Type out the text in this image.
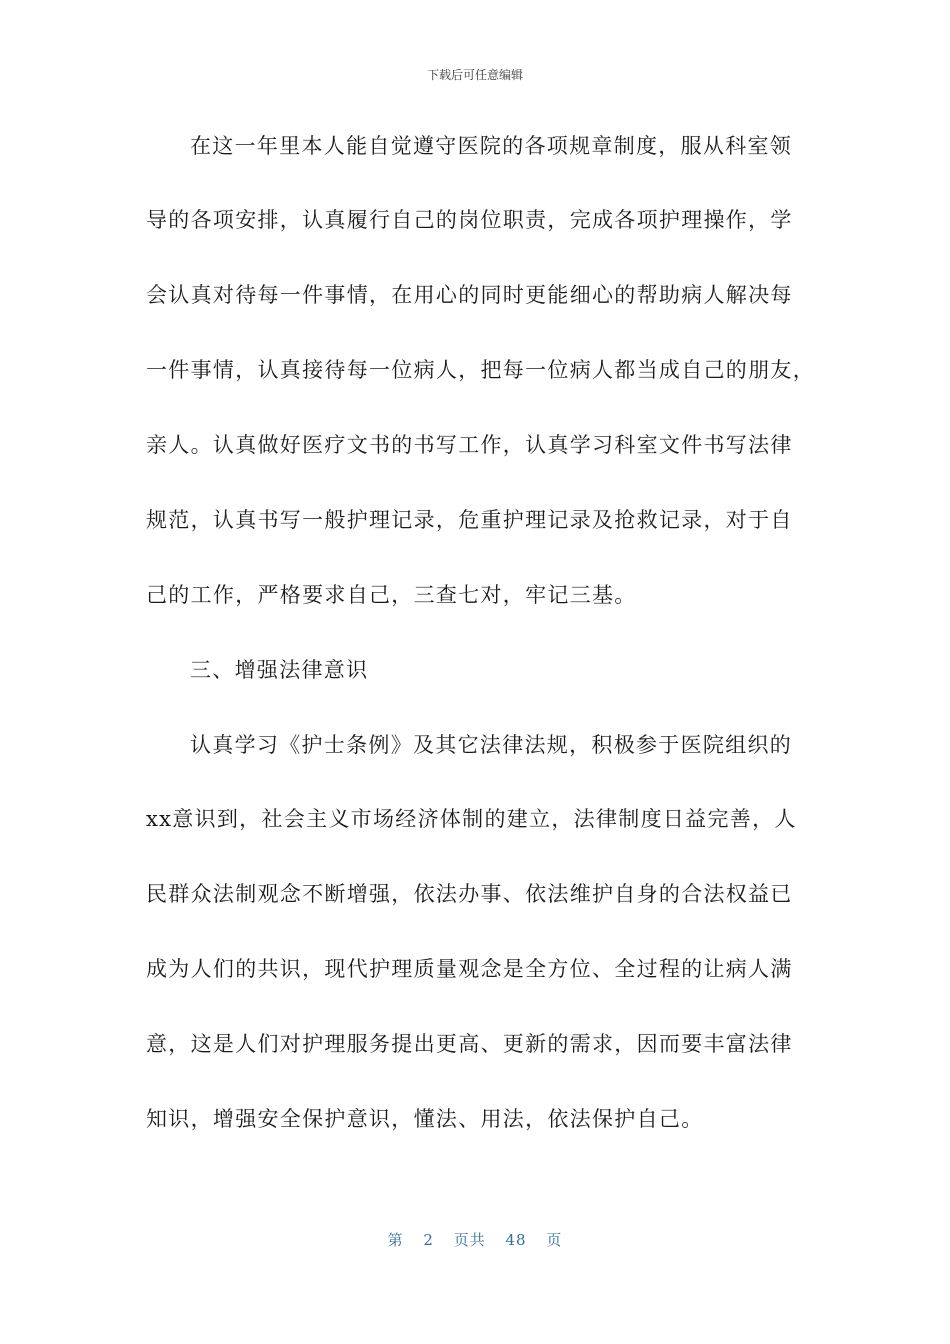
下载后可任意编辑

在这一年里本人能自觉遵守医院的各项规章制度，服从科室领

导的各项安排，认真履行自己的岗位职责，完成各项护理操作，学

会认真对待每一件事情，在用心的同时更能细心的帮助病人解决每

一件事情，认真接待每一位病人，把每一位病人都当成自己的朋友，

亲人。认真做好医疗文书的书写工作，认真学习科室文件书写法律

规范，认真书写一般护理记录，危重护理记录及抢救记录，对于自

己的工作，严格要求自己，三查七对，牢记三基。

三、增强法律意识

认真学习《护士条例》及其它法律法规，积极参于医院组织的

xx意识到，社会主义市场经济体制的建立，法律制度日益完善，人

民群众法制观念不断增强，依法办事、依法维护自身的合法权益已

成为人们的共识，现代护理质量观念是全方位、全过程的让病人满

意，这是人们对护理服务提出更高、更新的需求，因而要丰富法律

知识，增强安全保护意识，懂法、用法，依法保护自己。

第 2 页共 48 页
